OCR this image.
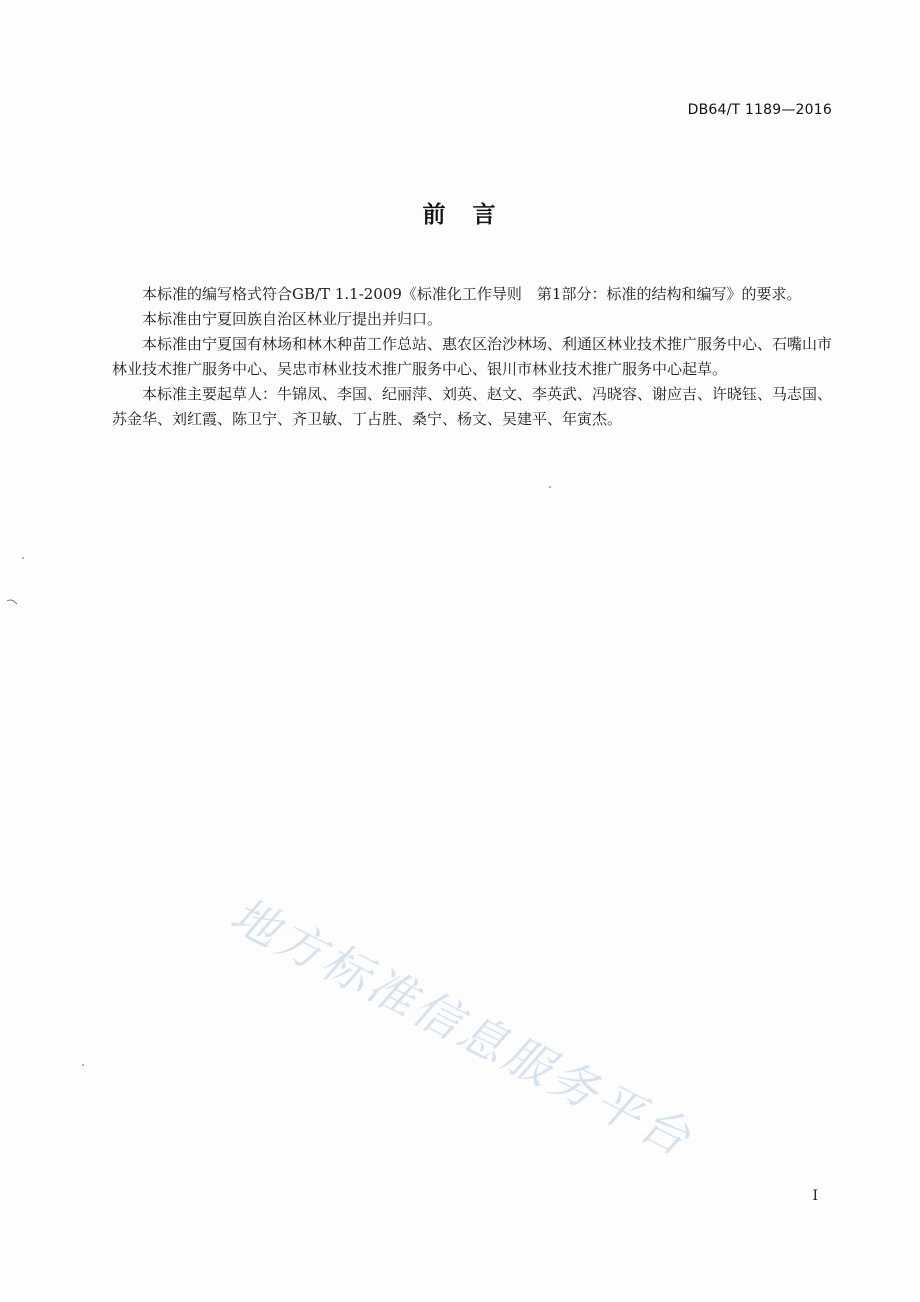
DB64/T 1189—2016
前　言

本标准的编写格式符合GB/T 1.1-2009《标准化工作导则　第1部分：标准的结构和编写》的要求。

本标准由宁夏回族自治区林业厅提出并归口。

本标准由宁夏国有林场和林木种苗工作总站、惠农区治沙林场、利通区林业技术推广服务中心、石嘴山市林业技术推广服务中心、吴忠市林业技术推广服务中心、银川市林业技术推广服务中心起草。

本标准主要起草人：牛锦凤、李国、纪丽萍、刘英、赵文、李英武、冯晓容、谢应吉、许晓钰、马志国、苏金华、刘红霞、陈卫宁、齐卫敏、丁占胜、桑宁、杨文、吴建平、年寅杰。

地方标准信息服务平台
I
